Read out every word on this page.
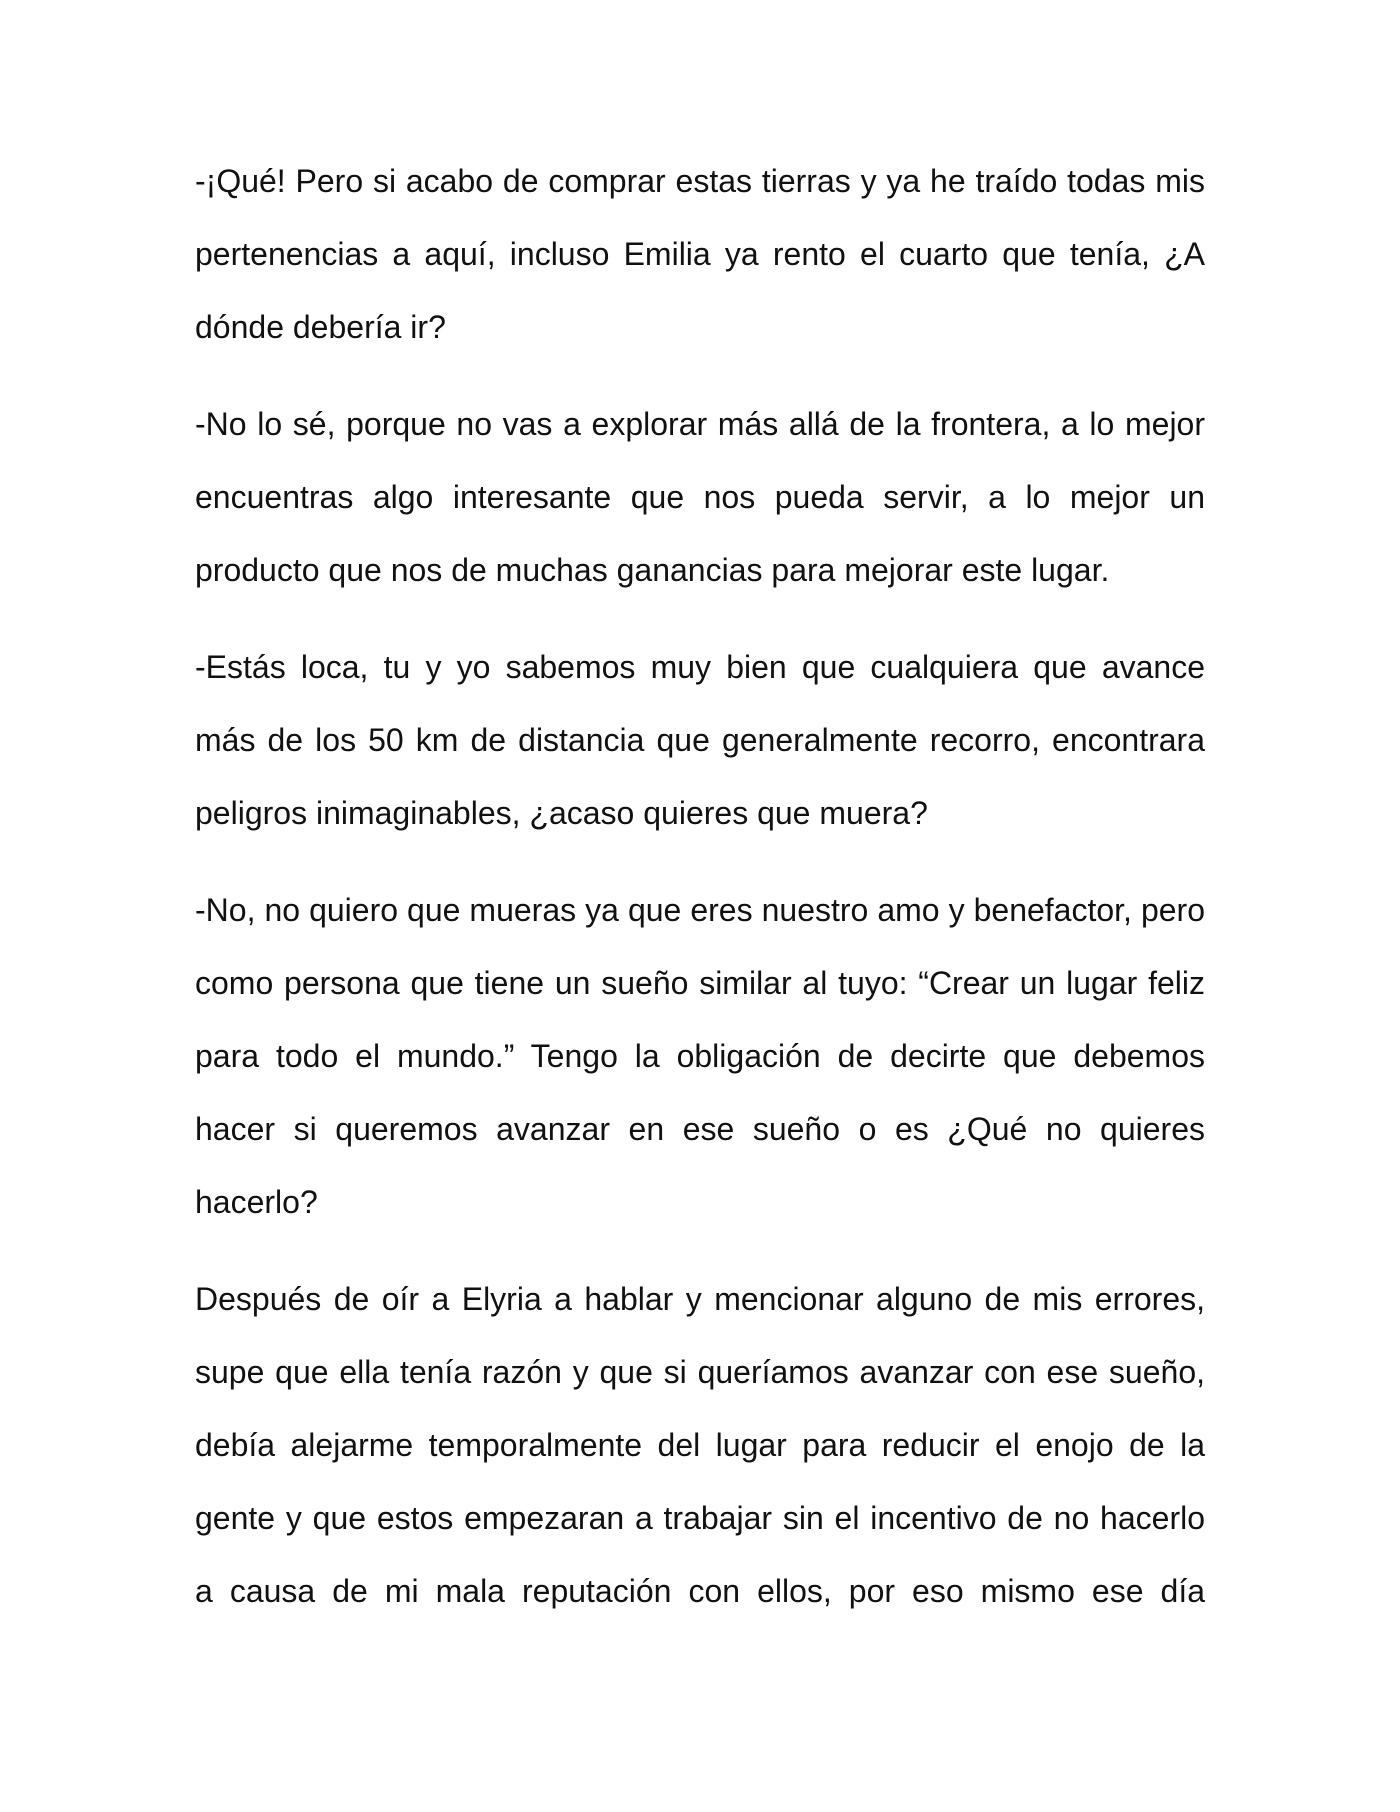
-¡Qué! Pero si acabo de comprar estas tierras y ya he traído todas mis pertenencias a aquí, incluso Emilia ya rento el cuarto que tenía, ¿A dónde debería ir?

-No lo sé, porque no vas a explorar más allá de la frontera, a lo mejor encuentras algo interesante que nos pueda servir, a lo mejor un producto que nos de muchas ganancias para mejorar este lugar.

-Estás loca, tu y yo sabemos muy bien que cualquiera que avance más de los 50 km de distancia que generalmente recorro, encontrara peligros inimaginables, ¿acaso quieres que muera?

-No, no quiero que mueras ya que eres nuestro amo y benefactor, pero como persona que tiene un sueño similar al tuyo: “Crear un lugar feliz para todo el mundo.” Tengo la obligación de decirte que debemos hacer si queremos avanzar en ese sueño o es ¿Qué no quieres hacerlo?

Después de oír a Elyria a hablar y mencionar alguno de mis errores, supe que ella tenía razón y que si queríamos avanzar con ese sueño, debía alejarme temporalmente del lugar para reducir el enojo de la gente y que estos empezaran a trabajar sin el incentivo de no hacerlo a causa de mi mala reputación con ellos, por eso mismo ese día
